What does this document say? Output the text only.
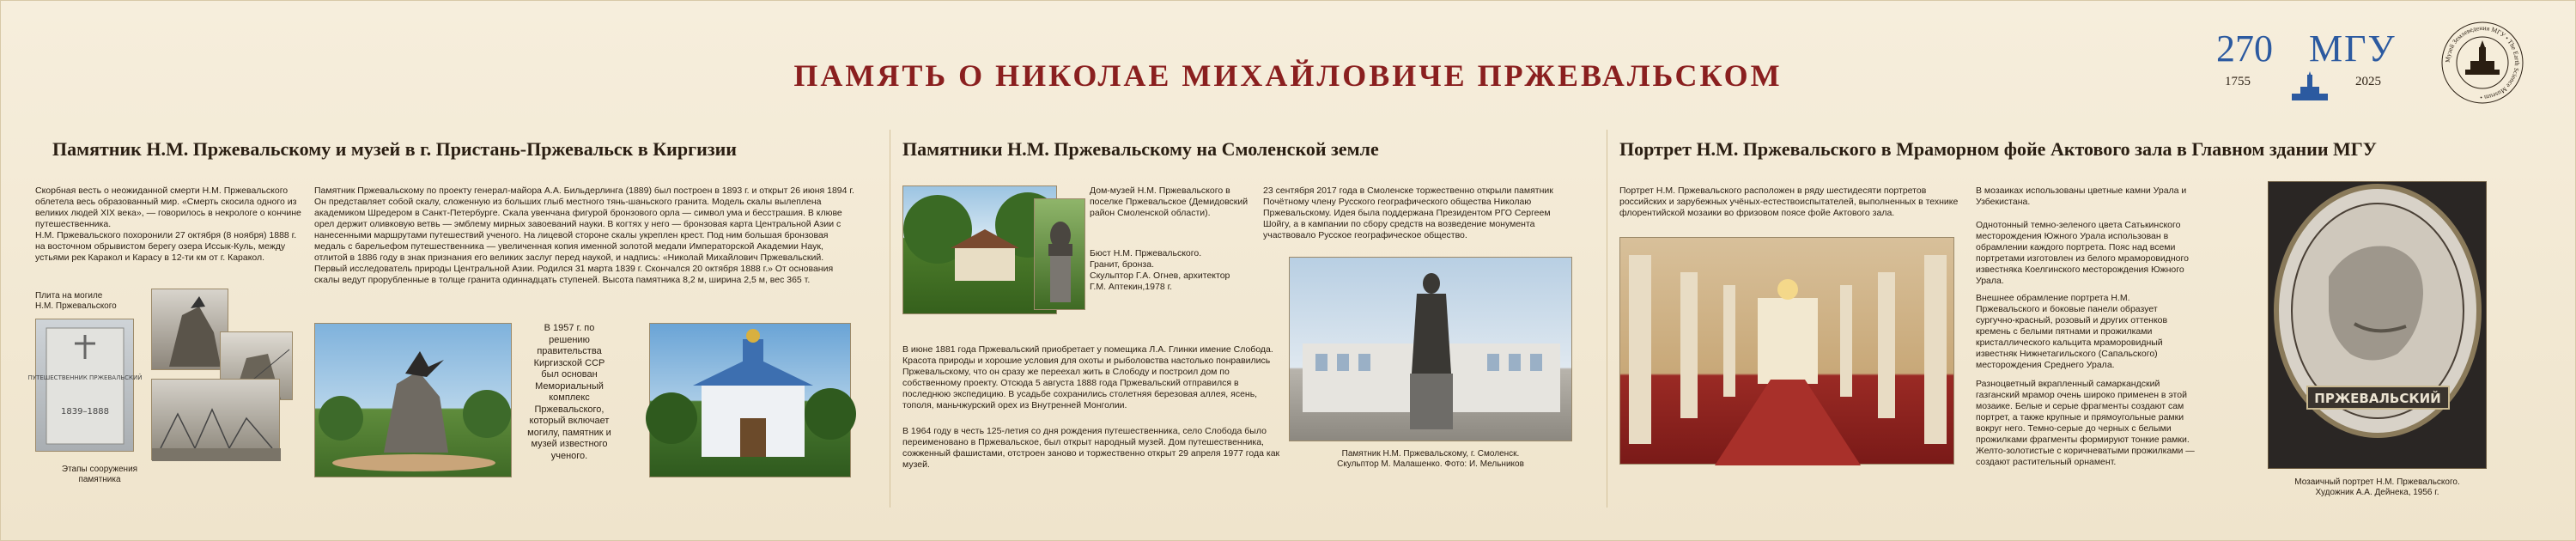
ПАМЯТЬ О НИКОЛАЕ МИХАЙЛОВИЧЕ ПРЖЕВАЛЬСКОМ
270 МГУ
1755	2025
Музей Землеведения МГУ • The Earth Science Museum •
Памятник Н.М. Пржевальскому и музей в г. Пристань-Пржевальск в Киргизии
Скорбная весть о неожиданной смерти Н.М. Пржевальского облетела весь образованный мир. «Смерть скосила одного из великих людей XIX века», — говорилось в некрологе о кончине путешественника.
Н.М. Пржевальского похоронили 27 октября (8 ноября) 1888 г. на восточном обрывистом берегу озера Иссык-Куль, между устьями рек Каракол и Карасу в 12-ти км от г. Каракол.
Памятник Пржевальскому по проекту генерал-майора А.А. Бильдерлинга (1889) был построен в 1893 г. и открыт 26 июня 1894 г.
Он представляет собой скалу, сложенную из больших глыб местного тянь-шаньского гранита. Модель скалы вылеплена академиком Шредером в Санкт-Петербурге. Скала увенчана фигурой бронзового орла — символ ума и бесстрашия. В клюве орел держит оливковую ветвь — эмблему мирных завоеваний науки. В когтях у него — бронзовая карта Центральной Азии с нанесенными маршрутами путешествий ученого. На лицевой стороне скалы укреплен крест. Под ним большая бронзовая медаль с барельефом путешественника — увеличенная копия именной золотой медали Императорской Академии Наук, отлитой в 1886 году в знак признания его великих заслуг перед наукой, и надпись: «Николай Михайлович Пржевальский. Первый исследователь природы Центральной Азии. Родился 31 марта 1839 г. Скончался 20 октября 1888 г.» От основания скалы ведут прорубленные в толще гранита одиннадцать ступеней. Высота памятника 8,2 м, ширина 2,5 м, вес 365 т.
Плита на могиле Н.М. Пржевальского
ПУТЕШЕСТВЕННИК ПРЖЕВАЛЬСКИЙ
1839–1888
Этапы сооружения памятника
В 1957 г. по решению правительства Киргизской ССР был основан Мемориальный комплекс Пржевальского, который включает могилу, памятник и музей известного ученого.
Памятники Н.М. Пржевальскому на Смоленской земле
Дом-музей Н.М. Пржевальского в поселке Пржевальское (Демидовский район Смоленской области).
Бюст Н.М. Пржевальского.
Гранит, бронза.
Скульптор Г.А. Огнев, архитектор Г.М. Аптекин,1978 г.
23 сентября 2017 года в Смоленске торжественно открыли памятник Почётному члену Русского географического общества Николаю Пржевальскому. Идея была поддержана Президентом РГО Сергеем Шойгу, а в кампании по сбору средств на возведение монумента участвовало Русское географическое общество.
В июне 1881 года Пржевальский приобретает у помещика Л.А. Глинки имение Слобода. Красота природы и хорошие условия для охоты и рыболовства настолько понравились Пржевальскому, что он сразу же переехал жить в Слободу и построил дом по собственному проекту. Отсюда 5 августа 1888 года Пржевальский отправился в последнюю экспедицию. В усадьбе сохранились столетняя березовая аллея, ясень, тополя, маньчжурский орех из Внутренней Монголии.
В 1964 году в честь 125-летия со дня рождения путешественника, село Слобода было переименовано в Пржевальское, был открыт народный музей. Дом путешественника, сожженный фашистами, отстроен заново и торжественно открыт 29 апреля 1977 года как музей.
Памятник Н.М. Пржевальскому, г. Смоленск.
Скульптор М. Малашенко. Фото: И. Мельников
Портрет Н.М. Пржевальского в Мраморном фойе Актового зала в Главном здании МГУ
Портрет Н.М. Пржевальского расположен в ряду шестидесяти портретов российских и зарубежных учёных-естествоиспытателей, выполненных в технике флорентийской мозаики во фризовом поясе фойе Актового зала.
В мозаиках использованы цветные камни Урала и Узбекистана.
Однотонный темно-зеленого цвета Сатькинского месторождения Южного Урала использован в обрамлении каждого портрета. Пояс над всеми портретами изготовлен из белого мраморовидного известняка Коелгинского месторождения Южного Урала.
Внешнее обрамление портрета Н.М. Пржевальского и боковые панели образует сургучно-красный, розовый и других оттенков кремень с белыми пятнами и прожилками кристаллического кальцита мраморовидный известняк Нижнетагильского (Сапальского) месторождения Среднего Урала.
Разноцветный вкрапленный самаркандский газганский мрамор очень широко применен в этой мозаике. Белые и серые фрагменты создают сам портрет, а также крупные и прямоугольные рамки вокруг него. Темно-серые до черных с белыми прожилками фрагменты формируют тонкие рамки. Желто-золотистые с коричневатыми прожилками — создают растительный орнамент.
ПРЖЕВАЛЬСКИЙ
Мозаичный портрет Н.М. Пржевальского.
Художник А.А. Дейнека, 1956 г.
